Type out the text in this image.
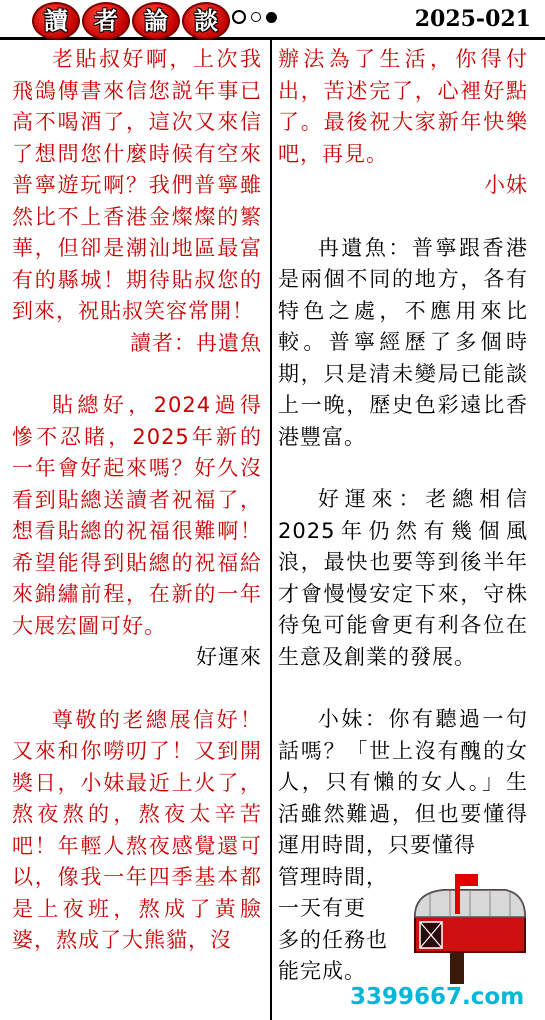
讀	者	論	談	2025-021

老貼叔好啊，上次我飛鴿傳書來信您説年事已高不喝酒了，這次又來信了想問您什麼時候有空來普寧遊玩啊？我們普寧雖然比不上香港金燦燦的繁華，但卻是潮汕地區最富有的縣城！期待貼叔您的到來，祝貼叔笑容常開！

讀者：冉遺魚

貼總好，2024過得慘不忍睹，2025年新的一年會好起來嗎？好久沒看到貼總送讀者祝福了，想看貼總的祝福很難啊！希望能得到貼總的祝福給來錦繡前程，在新的一年大展宏圖可好。

好運來

尊敬的老總展信好！又來和你嘮叨了！又到開獎日，小妹最近上火了，熬夜熬的，熬夜太辛苦吧！年輕人熬夜感覺還可以，像我一年四季基本都是上夜班，熬成了黃臉婆，熬成了大熊貓，沒

辦法為了生活，你得付出，苦述完了，心裡好點了。最後祝大家新年快樂吧，再見。

小妹

冉遺魚：普寧跟香港是兩個不同的地方，各有特色之處，不應用來比較。普寧經歷了多個時期，只是清未變局已能談上一晚，歷史色彩遠比香港豐富。

好運來：老總相信2025年仍然有幾個風浪，最快也要等到後半年才會慢慢安定下來，守株待兔可能會更有利各位在生意及創業的發展。

小妹：你有聽過一句話嗎？「世上沒有醜的女人，只有懶的女人。」生活雖然難過，但也要懂得運用時間，只要懂得

管理時間，

一天有更

多的任務也

能完成。

3399667.com
